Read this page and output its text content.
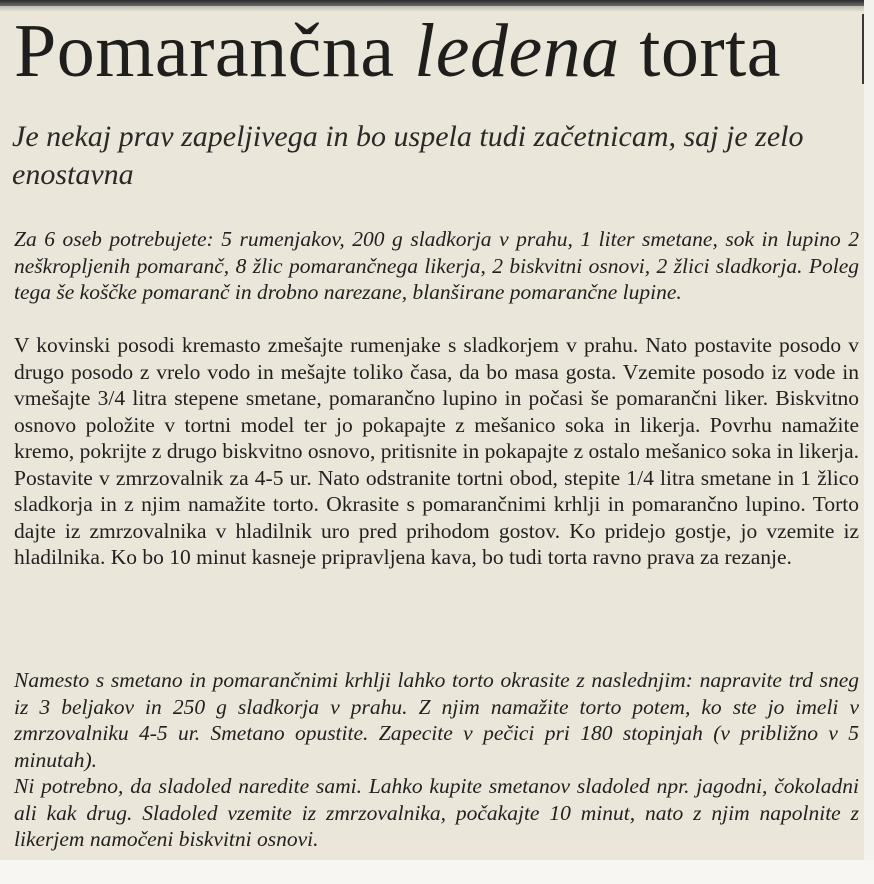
Pomarančna ledena torta
Je nekaj prav zapeljivega in bo uspela tudi začetnicam, saj je zelo enostavna

Za 6 oseb potrebujete: 5 rumenjakov, 200 g sladkorja v prahu, 1 liter smetane, sok in lupino 2 neškropljenih pomaranč, 8 žlic pomarančnega likerja, 2 biskvitni osnovi, 2 žlici sladkorja. Poleg tega še koščke pomaranč in drobno narezane, blanširane pomarančne lupine.

V kovinski posodi kremasto zmešajte rumenjake s sladkorjem v prahu. Nato postavite posodo v drugo posodo z vrelo vodo in mešajte toliko časa, da bo masa gosta. Vzemite posodo iz vode in vmešajte 3/4 litra stepene smetane, pomarančno lupino in počasi še pomarančni liker. Biskvitno osnovo položite v tortni model ter jo pokapajte z mešanico soka in likerja. Povrhu namažite kremo, pokrijte z drugo biskvitno osnovo, pritisnite in pokapajte z ostalo mešanico soka in likerja. Postavite v zmrzovalnik za 4-5 ur. Nato odstranite tortni obod, stepite 1/4 litra smetane in 1 žlico sladkorja in z njim namažite torto. Okrasite s pomarančnimi krhlji in pomarančno lupino. Torto dajte iz zmrzovalnika v hladilnik uro pred prihodom gostov. Ko pridejo gostje, jo vzemite iz hladilnika. Ko bo 10 minut kasneje pripravljena kava, bo tudi torta ravno prava za rezanje.

Namesto s smetano in pomarančnimi krhlji lahko torto okrasite z naslednjim: napravite trd sneg iz 3 beljakov in 250 g sladkorja v prahu. Z njim namažite torto potem, ko ste jo imeli v zmrzovalniku 4-5 ur. Smetano opustite. Zapecite v pečici pri 180 stopinjah (v približno v 5 minutah).

Ni potrebno, da sladoled naredite sami. Lahko kupite smetanov sladoled npr. jagodni, čokoladni ali kak drug. Sladoled vzemite iz zmrzovalnika, počakajte 10 minut, nato z njim napolnite z likerjem namočeni biskvitni osnovi.
